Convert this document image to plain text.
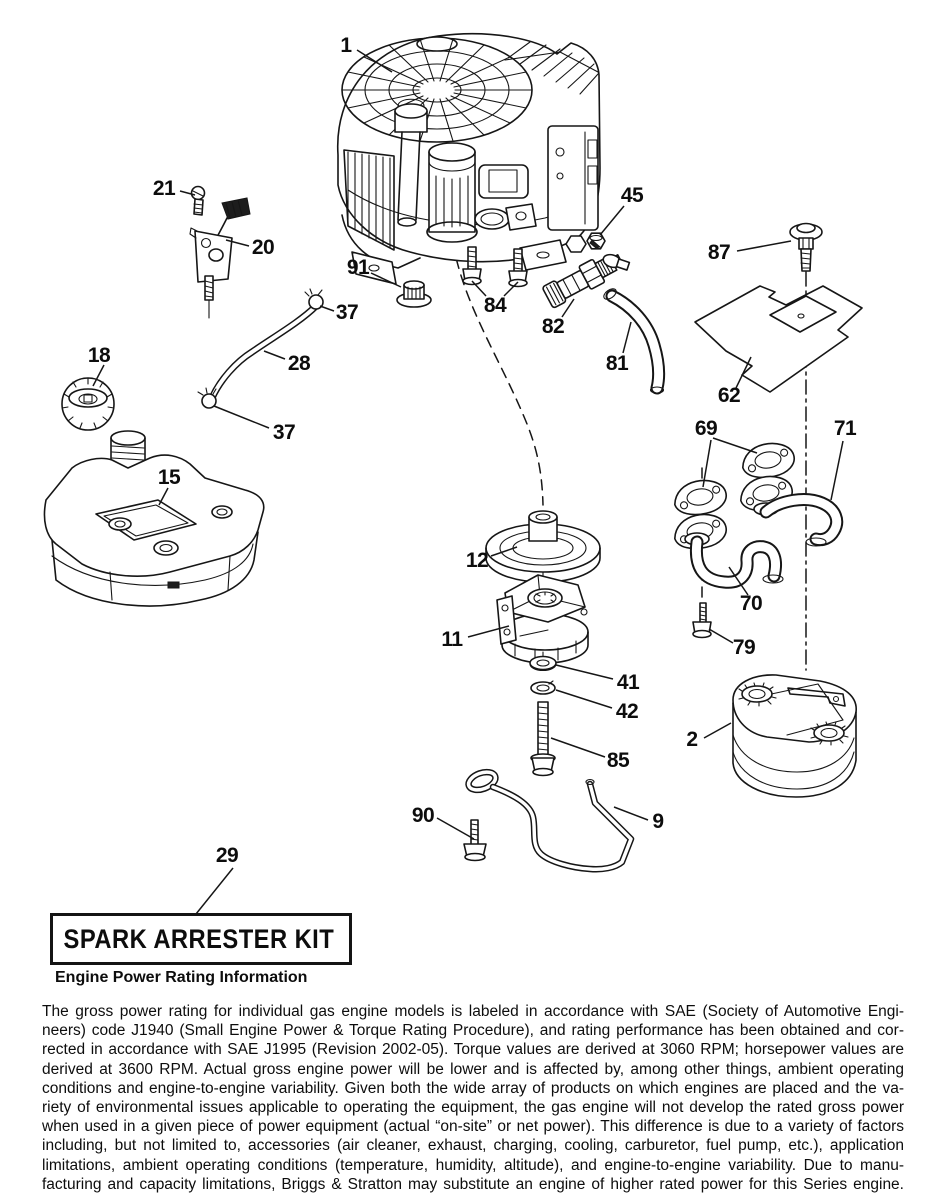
1
21
20
91
37
28
18
37
15
84
45
82
81
87
62
69	71
12
11
70
79
41
42
2
85
90	9
29
SPARK ARRESTER KIT
Engine Power Rating Information
The gross power rating for individual gas engine models is labeled in accordance with SAE (Society of Automotive Engi-
neers) code J1940 (Small Engine Power & Torque Rating Procedure), and rating performance has been obtained and cor-
rected in accordance with SAE J1995 (Revision 2002-05). Torque values are derived at 3060 RPM; horsepower values are
derived at 3600 RPM. Actual gross engine power will be lower and is affected by, among other things, ambient operating
conditions and engine-to-engine variability. Given both the wide array of products on which engines are placed and the va-
riety of environmental issues applicable to operating the equipment, the gas engine will not develop the rated gross power
when used in a given piece of power equipment (actual “on-site” or net power). This difference is due to a variety of factors
including, but not limited to, accessories (air cleaner, exhaust, charging, cooling, carburetor, fuel pump, etc.), application
limitations, ambient operating conditions (temperature, humidity, altitude), and engine-to-engine variability. Due to manu-
facturing and capacity limitations, Briggs & Stratton may substitute an engine of higher rated power for this Series engine.
